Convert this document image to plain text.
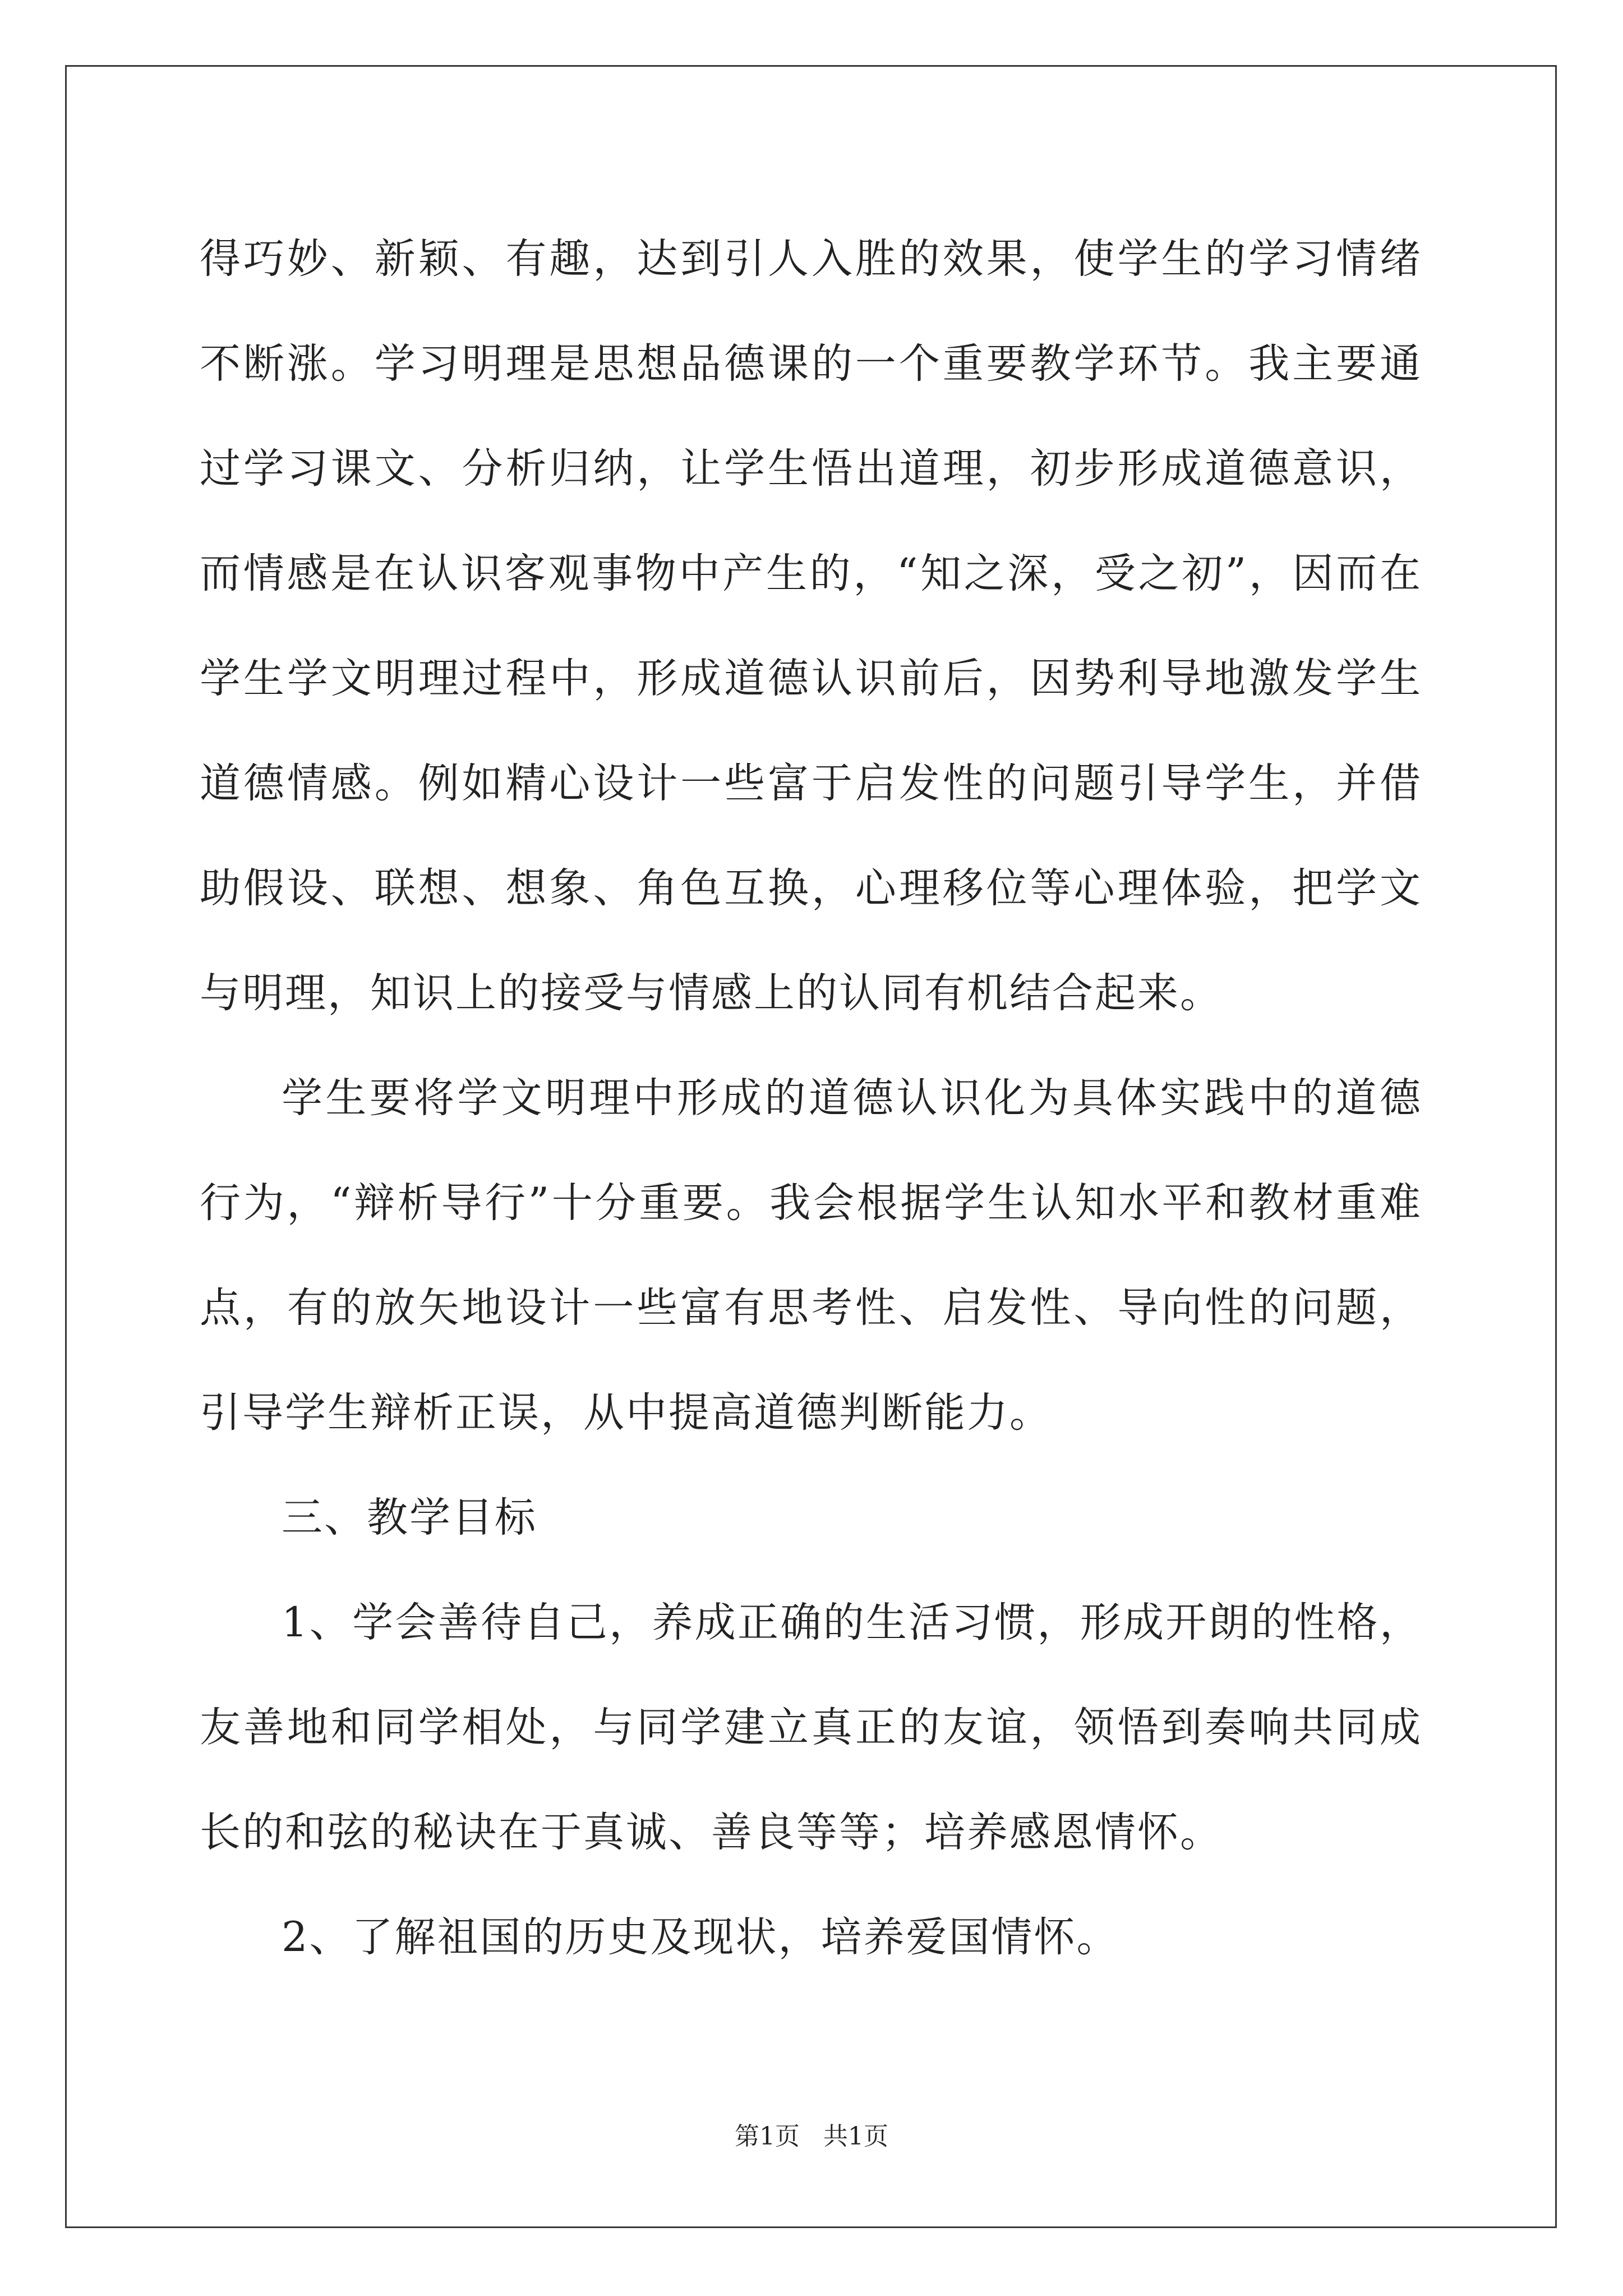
得巧妙、新颖、有趣，达到引人入胜的效果，使学生的学习情绪不断涨。学习明理是思想品德课的一个重要教学环节。我主要通过学习课文、分析归纳，让学生悟出道理，初步形成道德意识，而情感是在认识客观事物中产生的，“知之深，受之初”，因而在学生学文明理过程中，形成道德认识前后，因势利导地激发学生道德情感。例如精心设计一些富于启发性的问题引导学生，并借助假设、联想、想象、角色互换，心理移位等心理体验，把学文与明理，知识上的接受与情感上的认同有机结合起来。

学生要将学文明理中形成的道德认识化为具体实践中的道德行为，“辩析导行”十分重要。我会根据学生认知水平和教材重难点，有的放矢地设计一些富有思考性、启发性、导向性的问题，引导学生辩析正误，从中提高道德判断能力。

三、教学目标

1、学会善待自己，养成正确的生活习惯，形成开朗的性格，友善地和同学相处，与同学建立真正的友谊，领悟到奏响共同成长的和弦的秘诀在于真诚、善良等等；培养感恩情怀。

2、了解祖国的历史及现状，培养爱国情怀。

第1页 共1页
